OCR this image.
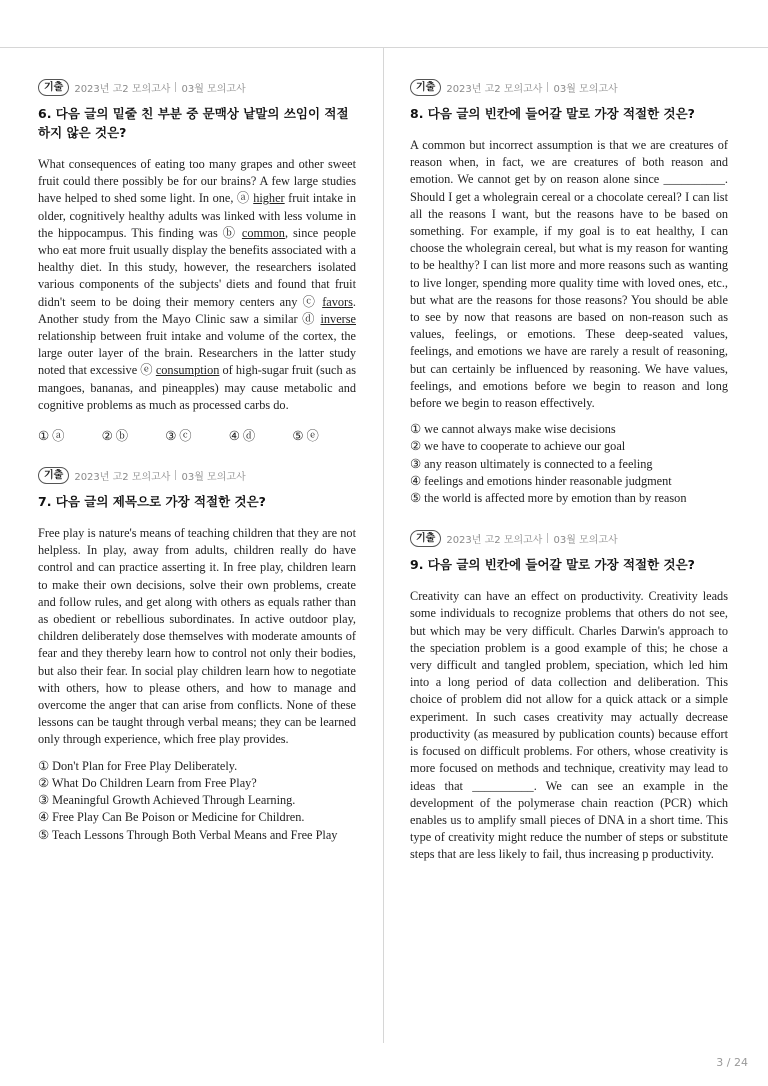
기출	2023년 고2 모의고사 03월 모의고사
6. 다음 글의 밑줄 친 부분 중 문맥상 낱말의 쓰임이 적절하지 않은 것은?

What consequences of eating too many grapes and other sweet fruit could there possibly be for our brains? A few large studies have helped to shed some light. In one, ⓐ higher fruit intake in older, cognitively healthy adults was linked with less volume in the hippocampus. This finding was ⓑ common, since people who eat more fruit usually display the benefits associated with a healthy diet. In this study, however, the researchers isolated various components of the subjects' diets and found that fruit didn't seem to be doing their memory centers any ⓒ favors. Another study from the Mayo Clinic saw a similar ⓓ inverse relationship between fruit intake and volume of the cortex, the large outer layer of the brain. Researchers in the latter study noted that excessive ⓔ consumption of high-sugar fruit (such as mangoes, bananas, and pineapples) may cause metabolic and cognitive problems as much as processed carbs do.

① ⓐ	② ⓑ	③ ⓒ	④ ⓓ	⑤ ⓔ
기출	2023년 고2 모의고사 03월 모의고사
7. 다음 글의 제목으로 가장 적절한 것은?

Free play is nature's means of teaching children that they are not helpless. In play, away from adults, children really do have control and can practice asserting it. In free play, children learn to make their own decisions, solve their own problems, create and follow rules, and get along with others as equals rather than as obedient or rebellious subordinates. In active outdoor play, children deliberately dose themselves with moderate amounts of fear and they thereby learn how to control not only their bodies, but also their fear. In social play children learn how to negotiate with others, how to please others, and how to manage and overcome the anger that can arise from conflicts. None of these lessons can be taught through verbal means; they can be learned only through experience, which free play provides.

① Don't Plan for Free Play Deliberately.
② What Do Children Learn from Free Play?
③ Meaningful Growth Achieved Through Learning.
④ Free Play Can Be Poison or Medicine for Children.
⑤ Teach Lessons Through Both Verbal Means and Free Play
기출	2023년 고2 모의고사 03월 모의고사
8. 다음 글의 빈칸에 들어갈 말로 가장 적절한 것은?

A common but incorrect assumption is that we are creatures of reason when, in fact, we are creatures of both reason and emotion. We cannot get by on reason alone since __________. Should I get a wholegrain cereal or a chocolate cereal? I can list all the reasons I want, but the reasons have to be based on something. For example, if my goal is to eat healthy, I can choose the wholegrain cereal, but what is my reason for wanting to be healthy? I can list more and more reasons such as wanting to live longer, spending more quality time with loved ones, etc., but what are the reasons for those reasons? You should be able to see by now that reasons are based on non-reason such as values, feelings, or emotions. These deep-seated values, feelings, and emotions we have are rarely a result of reasoning, but can certainly be influenced by reasoning. We have values, feelings, and emotions before we begin to reason and long before we begin to reason effectively.

① we cannot always make wise decisions
② we have to cooperate to achieve our goal
③ any reason ultimately is connected to a feeling
④ feelings and emotions hinder reasonable judgment
⑤ the world is affected more by emotion than by reason
기출	2023년 고2 모의고사 03월 모의고사
9. 다음 글의 빈칸에 들어갈 말로 가장 적절한 것은?

Creativity can have an effect on productivity. Creativity leads some individuals to recognize problems that others do not see, but which may be very difficult. Charles Darwin's approach to the speciation problem is a good example of this; he chose a very difficult and tangled problem, speciation, which led him into a long period of data collection and deliberation. This choice of problem did not allow for a quick attack or a simple experiment. In such cases creativity may actually decrease productivity (as measured by publication counts) because effort is focused on difficult problems. For others, whose creativity is more focused on methods and technique, creativity may lead to ideas that __________. We can see an example in the development of the polymerase chain reaction (PCR) which enables us to amplify small pieces of DNA in a short time. This type of creativity might reduce the number of steps or substitute steps that are less likely to fail, thus increasing p productivity.

3 / 24
